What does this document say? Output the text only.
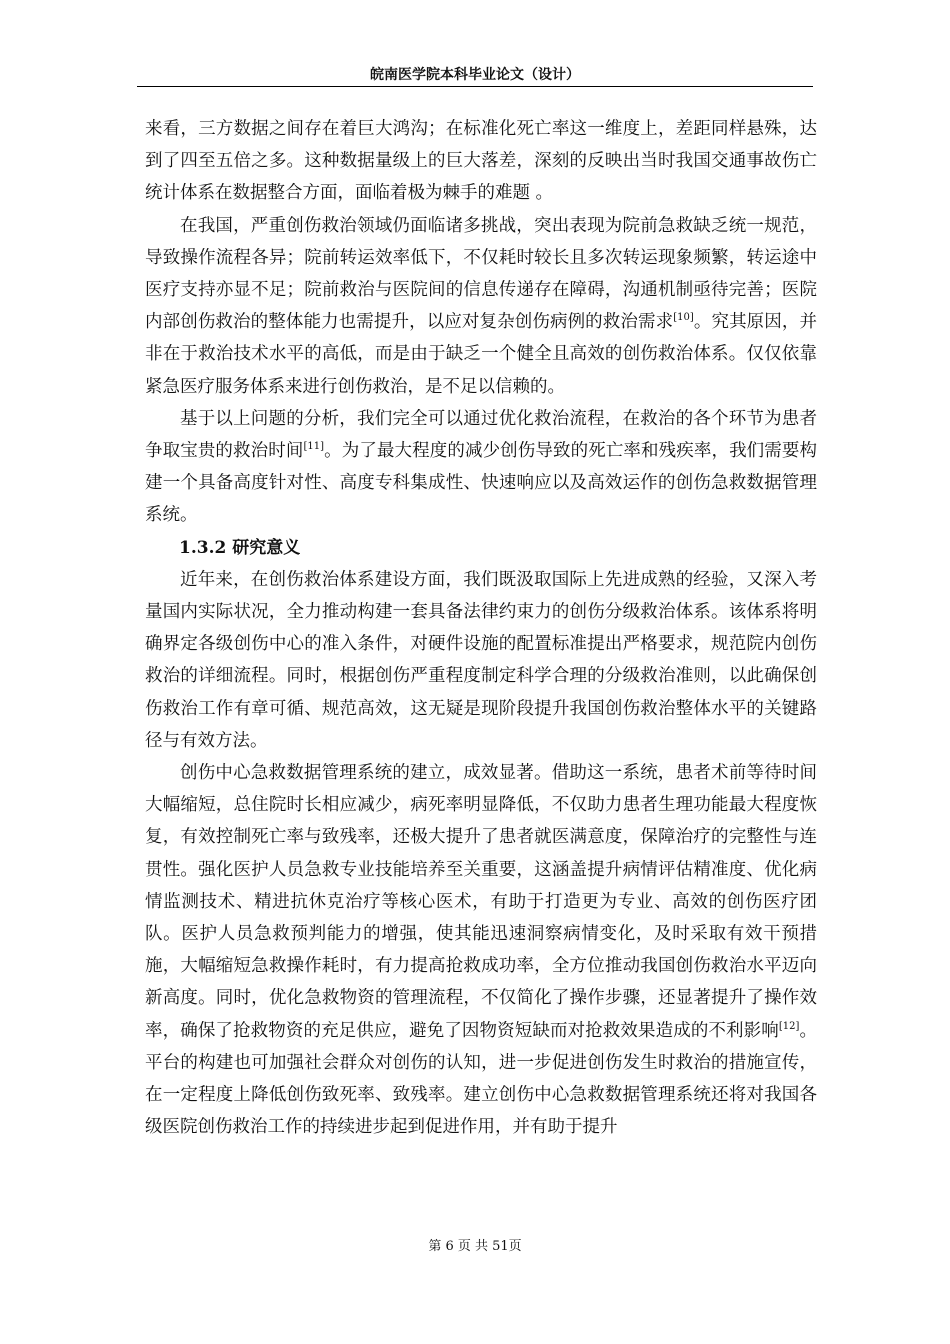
皖南医学院本科毕业论文（设计）

来看，三方数据之间存在着巨大鸿沟；在标准化死亡率这一维度上，差距同样悬殊，达到了四至五倍之多。这种数据量级上的巨大落差，深刻的反映出当时我国交通事故伤亡统计体系在数据整合方面，面临着极为棘手的难题 。

在我国，严重创伤救治领域仍面临诸多挑战，突出表现为院前急救缺乏统一规范，导致操作流程各异；院前转运效率低下，不仅耗时较长且多次转运现象频繁，转运途中医疗支持亦显不足；院前救治与医院间的信息传递存在障碍，沟通机制亟待完善；医院内部创伤救治的整体能力也需提升，以应对复杂创伤病例的救治需求[10]。究其原因，并非在于救治技术水平的高低，而是由于缺乏一个健全且高效的创伤救治体系。仅仅依靠紧急医疗服务体系来进行创伤救治，是不足以信赖的。

基于以上问题的分析，我们完全可以通过优化救治流程，在救治的各个环节为患者争取宝贵的救治时间[11]。为了最大程度的减少创伤导致的死亡率和残疾率，我们需要构建一个具备高度针对性、高度专科集成性、快速响应以及高效运作的创伤急救数据管理系统。

1.3.2 研究意义

近年来，在创伤救治体系建设方面，我们既汲取国际上先进成熟的经验，又深入考量国内实际状况，全力推动构建一套具备法律约束力的创伤分级救治体系。该体系将明确界定各级创伤中心的准入条件，对硬件设施的配置标准提出严格要求，规范院内创伤救治的详细流程。同时，根据创伤严重程度制定科学合理的分级救治准则，以此确保创伤救治工作有章可循、规范高效，这无疑是现阶段提升我国创伤救治整体水平的关键路径与有效方法。

创伤中心急救数据管理系统的建立，成效显著。借助这一系统，患者术前等待时间大幅缩短，总住院时长相应减少，病死率明显降低，不仅助力患者生理功能最大程度恢复，有效控制死亡率与致残率，还极大提升了患者就医满意度，保障治疗的完整性与连贯性。强化医护人员急救专业技能培养至关重要，这涵盖提升病情评估精准度、优化病情监测技术、精进抗休克治疗等核心医术，有助于打造更为专业、高效的创伤医疗团队。医护人员急救预判能力的增强，使其能迅速洞察病情变化，及时采取有效干预措施，大幅缩短急救操作耗时，有力提高抢救成功率，全方位推动我国创伤救治水平迈向新高度。同时，优化急救物资的管理流程，不仅简化了操作步骤，还显著提升了操作效率，确保了抢救物资的充足供应，避免了因物资短缺而对抢救效果造成的不利影响[12]。平台的构建也可加强社会群众对创伤的认知，进一步促进创伤发生时救治的措施宣传，在一定程度上降低创伤致死率、致残率。建立创伤中心急救数据管理系统还将对我国各级医院创伤救治工作的持续进步起到促进作用，并有助于提升

第 6 页 共 51页
